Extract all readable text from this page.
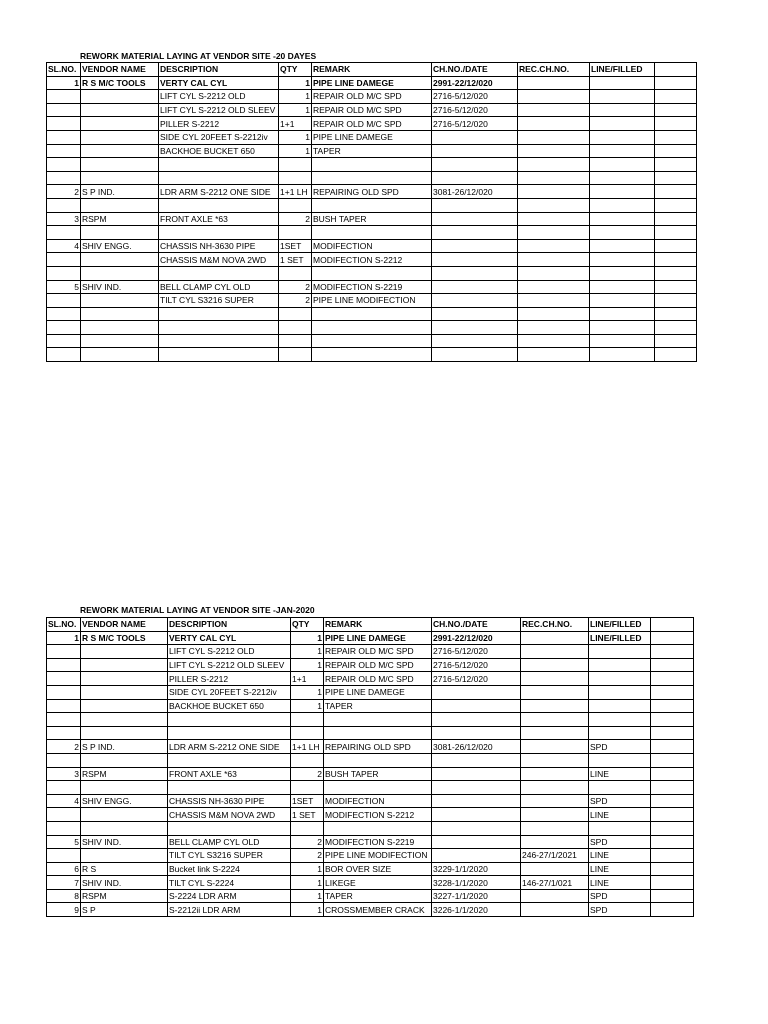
REWORK MATERIAL LAYING AT VENDOR SITE -20 DAYES
SL.NO.	VENDOR NAME	DESCRIPTION	QTY	REMARK	CH.NO./DATE	REC.CH.NO.	LINE/FILLED	
1	R S M/C TOOLS	VERTY CAL CYL	1	PIPE LINE DAMEGE	2991-22/12/020			
		LIFT CYL S-2212 OLD	1	REPAIR OLD M/C SPD	2716-5/12/020			
		LIFT CYL S-2212 OLD SLEEV	1	REPAIR OLD M/C SPD	2716-5/12/020			
		PILLER S-2212	1+1	REPAIR OLD M/C SPD	2716-5/12/020			
		SIDE CYL 20FEET S-2212iv	1	PIPE LINE DAMEGE				
		BACKHOE BUCKET 650	1	TAPER				

2	S P IND.	LDR ARM S-2212 ONE SIDE	1+1 LH	REPAIRING OLD SPD	3081-26/12/020			

3	RSPM	FRONT AXLE *63	2	BUSH TAPER				

4	SHIV ENGG.	CHASSIS NH-3630 PIPE	1SET	MODIFECTION				
		CHASSIS M&M NOVA 2WD	1 SET	MODIFECTION S-2212				

5	SHIV IND.	BELL CLAMP CYL OLD	2	MODIFECTION S-2219				
		TILT CYL S3216 SUPER	2	PIPE LINE MODIFECTION				

REWORK MATERIAL LAYING AT VENDOR SITE -JAN-2020
SL.NO.	VENDOR NAME	DESCRIPTION	QTY	REMARK	CH.NO./DATE	REC.CH.NO.	LINE/FILLED	
1	R S M/C TOOLS	VERTY CAL CYL	1	PIPE LINE DAMEGE	2991-22/12/020		LINE/FILLED	
		LIFT CYL S-2212 OLD	1	REPAIR OLD M/C SPD	2716-5/12/020			
		LIFT CYL S-2212 OLD SLEEV	1	REPAIR OLD M/C SPD	2716-5/12/020			
		PILLER S-2212	1+1	REPAIR OLD M/C SPD	2716-5/12/020			
		SIDE CYL 20FEET S-2212iv	1	PIPE LINE DAMEGE				
		BACKHOE BUCKET 650	1	TAPER				

2	S P IND.	LDR ARM S-2212 ONE SIDE	1+1 LH	REPAIRING OLD SPD	3081-26/12/020		SPD	

3	RSPM	FRONT AXLE *63	2	BUSH TAPER			LINE	

4	SHIV ENGG.	CHASSIS NH-3630 PIPE	1SET	MODIFECTION			SPD	
		CHASSIS M&M NOVA 2WD	1 SET	MODIFECTION S-2212			LINE	

5	SHIV IND.	BELL CLAMP CYL OLD	2	MODIFECTION S-2219			SPD	
		TILT CYL S3216 SUPER	2	PIPE LINE MODIFECTION		246-27/1/2021	LINE	
6	R S	Bucket link S-2224	1	BOR OVER SIZE	3229-1/1/2020		LINE	
7	SHIV IND.	TILT CYL S-2224	1	LIKEGE	3228-1/1/2020	146-27/1/021	LINE	
8	RSPM	S-2224 LDR ARM	1	TAPER	3227-1/1/2020		SPD	
9	S P	S-2212ii LDR ARM	1	CROSSMEMBER CRACK	3226-1/1/2020		SPD	
